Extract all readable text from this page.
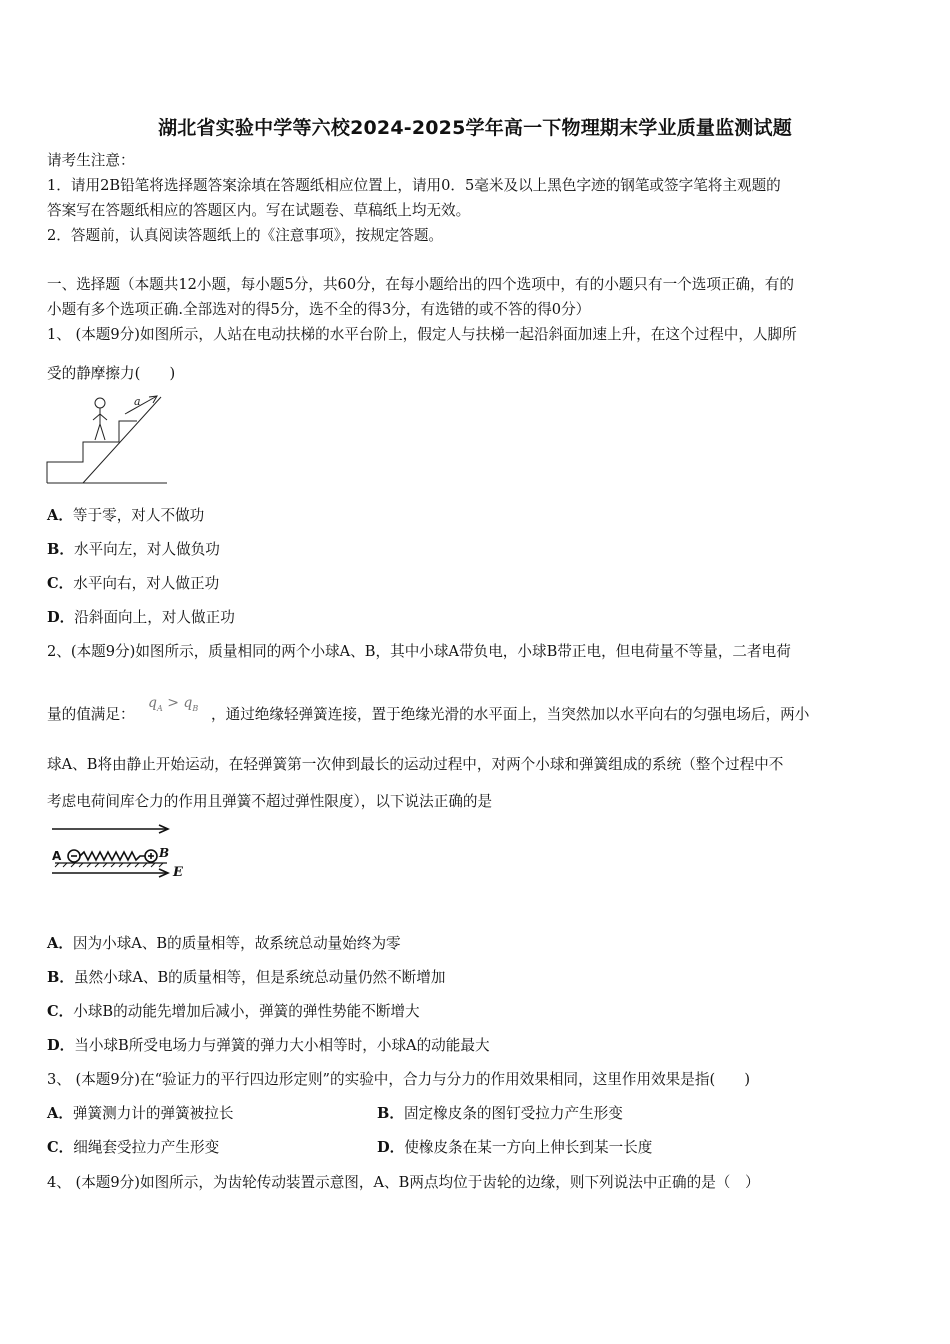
湖北省实验中学等六校2024-2025学年高一下物理期末学业质量监测试题
请考生注意：
1．请用2B铅笔将选择题答案涂填在答题纸相应位置上，请用0．5毫米及以上黑色字迹的钢笔或签字笔将主观题的
答案写在答题纸相应的答题区内。写在试题卷、草稿纸上均无效。
2．答题前，认真阅读答题纸上的《注意事项》，按规定答题。
一、选择题（本题共12小题，每小题5分，共60分，在每小题给出的四个选项中，有的小题只有一个选项正确，有的
小题有多个选项正确.全部选对的得5分，选不全的得3分，有选错的或不答的得0分）
1、 (本题9分)如图所示，人站在电动扶梯的水平台阶上，假定人与扶梯一起沿斜面加速上升，在这个过程中，人脚所
受的静摩擦力(　　)
a
A．等于零，对人不做功
B．水平向左，对人做负功
C．水平向右，对人做正功
D．沿斜面向上，对人做正功
2、(本题9分)如图所示，质量相同的两个小球A、B，其中小球A带负电，小球B带正电，但电荷量不等量，二者电荷
量的值满足：
$q_A > q_B$ ，通过绝缘轻弹簧连接，置于绝缘光滑的水平面上，当突然加以水平向右的匀强电场后，两小
球A、B将由静止开始运动，在轻弹簧第一次伸到最长的运动过程中，对两个小球和弹簧组成的系统（整个过程中不
考虑电荷间库仑力的作用且弹簧不超过弹性限度），以下说法正确的是
A	B
E
A．因为小球A、B的质量相等，故系统总动量始终为零
B．虽然小球A、B的质量相等，但是系统总动量仍然不断增加
C．小球B的动能先增加后减小，弹簧的弹性势能不断增大
D．当小球B所受电场力与弹簧的弹力大小相等时，小球A的动能最大
3、 (本题9分)在“验证力的平行四边形定则”的实验中，合力与分力的作用效果相同，这里作用效果是指(　　)
A．弹簧测力计的弹簧被拉长	B．固定橡皮条的图钉受拉力产生形变
C．细绳套受拉力产生形变	D．使橡皮条在某一方向上伸长到某一长度
4、 (本题9分)如图所示，为齿轮传动装置示意图，A、B两点均位于齿轮的边缘，则下列说法中正确的是（　）
